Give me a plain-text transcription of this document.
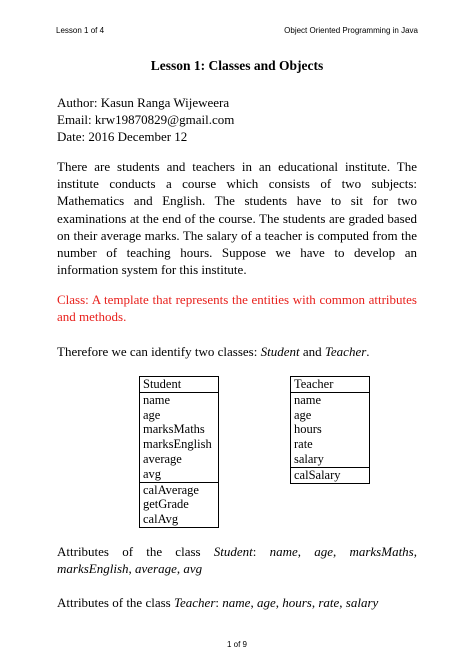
Lesson 1 of 4	Object Oriented Programming in Java
Lesson 1: Classes and Objects
Author: Kasun Ranga Wijeweera
Email: krw19870829@gmail.com
Date: 2016 December 12
There are students and teachers in an educational institute. The institute conducts a course which consists of two subjects: Mathematics and English. The students have to sit for two examinations at the end of the course. The students are graded based on their average marks. The salary of a teacher is computed from the number of teaching hours. Suppose we have to develop an information system for this institute.
Class: A template that represents the entities with common attributes and methods.
Therefore we can identify two classes: Student and Teacher.
Student
name
age
marksMaths
marksEnglish
average
avg
calAverage
getGrade
calAvg
Teacher
name
age
hours
rate
salary
calSalary
Attributes of the class Student: name, age, marksMaths, marksEnglish, average, avg
Attributes of the class Teacher: name, age, hours, rate, salary
1 of 9
